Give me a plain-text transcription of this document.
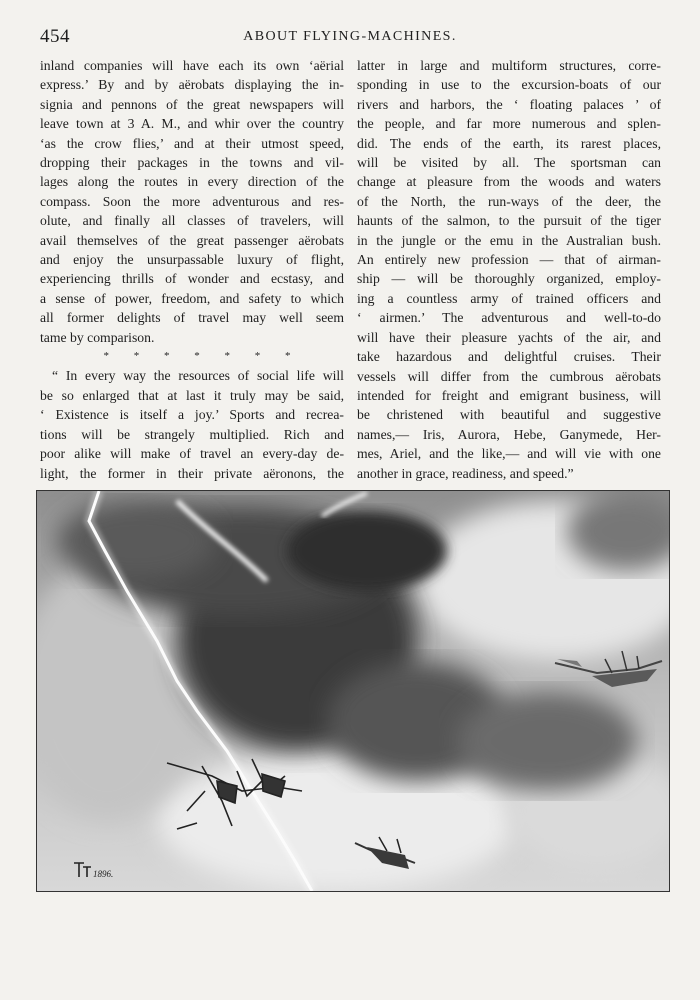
454	ABOUT FLYING-MACHINES.
inland companies will have each its own ‘aërial
express.’ By and by aërobats displaying the in-
signia and pennons of the great newspapers will
leave town at 3 A. M., and whir over the country
‘as the crow flies,’ and at their utmost speed,
dropping their packages in the towns and vil-
lages along the routes in every direction of the
compass. Soon the more adventurous and res-
olute, and finally all classes of travelers, will
avail themselves of the great passenger aërobats
and enjoy the unsurpassable luxury of flight,
experiencing thrills of wonder and ecstasy, and
a sense of power, freedom, and safety to which
all former delights of travel may well seem
tame by comparison.
* * * * * * *
“ In every way the resources of social life will
be so enlarged that at last it truly may be said,
‘ Existence is itself a joy.’ Sports and recrea-
tions will be strangely multiplied. Rich and
poor alike will make of travel an every-day de-
light, the former in their private aëronons, the
latter in large and multiform structures, corre-
sponding in use to the excursion-boats of our
rivers and harbors, the ‘ floating palaces ’ of
the people, and far more numerous and splen-
did. The ends of the earth, its rarest places,
will be visited by all. The sportsman can
change at pleasure from the woods and waters
of the North, the run-ways of the deer, the
haunts of the salmon, to the pursuit of the tiger
in the jungle or the emu in the Australian bush.
An entirely new profession — that of airman-
ship — will be thoroughly organized, employ-
ing a countless army of trained officers and
‘ airmen.’ The adventurous and well-to-do
will have their pleasure yachts of the air, and
take hazardous and delightful cruises. Their
vessels will differ from the cumbrous aërobats
intended for freight and emigrant business, will
be christened with beautiful and suggestive
names,— Iris, Aurora, Hebe, Ganymede, Her-
mes, Ariel, and the like,— and will vie with one
another in grace, readiness, and speed.”
1896.
